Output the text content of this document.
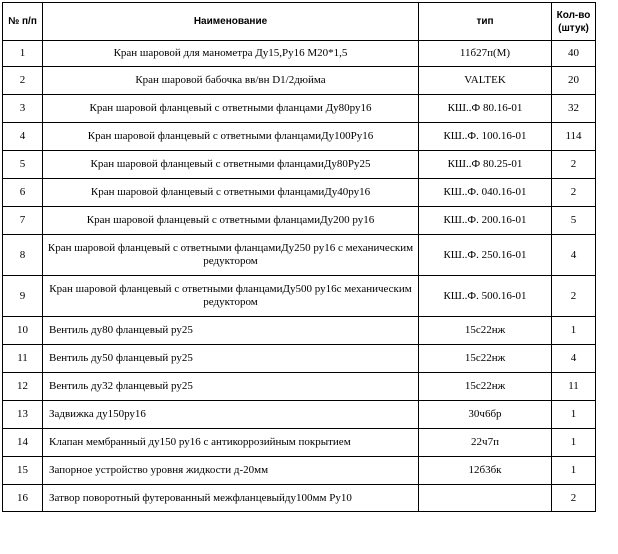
№ п/п	Наименование	тип	Кол-во (штук)
1	Кран шаровой для манометра Ду15,Ру16 М20*1,5	11б27п(М)	40
2	Кран шаровой бабочка вв/вн D1/2дюйма	VALTEK	20
3	Кран шаровой фланцевый с ответными фланцами Ду80ру16	КШ..Ф 80.16-01	32
4	Кран шаровой фланцевый с ответными фланцамиДу100Ру16	КШ..Ф. 100.16-01	114
5	Кран шаровой фланцевый с ответными фланцамиДу80Ру25	КШ..Ф 80.25-01	2
6	Кран шаровой фланцевый с ответными фланцамиДу40ру16	КШ..Ф. 040.16-01	2
7	Кран шаровой фланцевый с ответными фланцамиДу200 ру16	КШ..Ф. 200.16-01	5
8	Кран шаровой фланцевый с ответными фланцамиДу250 ру16 с механическим редуктором	КШ..Ф. 250.16-01	4
9	Кран шаровой фланцевый с ответными фланцамиДу500 ру16с механическим редуктором	КШ..Ф. 500.16-01	2
10	Вентиль ду80 фланцевый ру25	15с22нж	1
11	Вентиль ду50 фланцевый ру25	15с22нж	4
12	Вентиль ду32 фланцевый ру25	15с22нж	11
13	Задвижка ду150ру16	30ч6бр	1
14	Клапан мембранный ду150 ру16 с антикоррозийным покрытием	22ч7п	1
15	Запорное устройство уровня жидкости д-20мм	12б3бк	1
16	Затвор поворотный футерованный межфланцевыйду100мм Ру10		2
